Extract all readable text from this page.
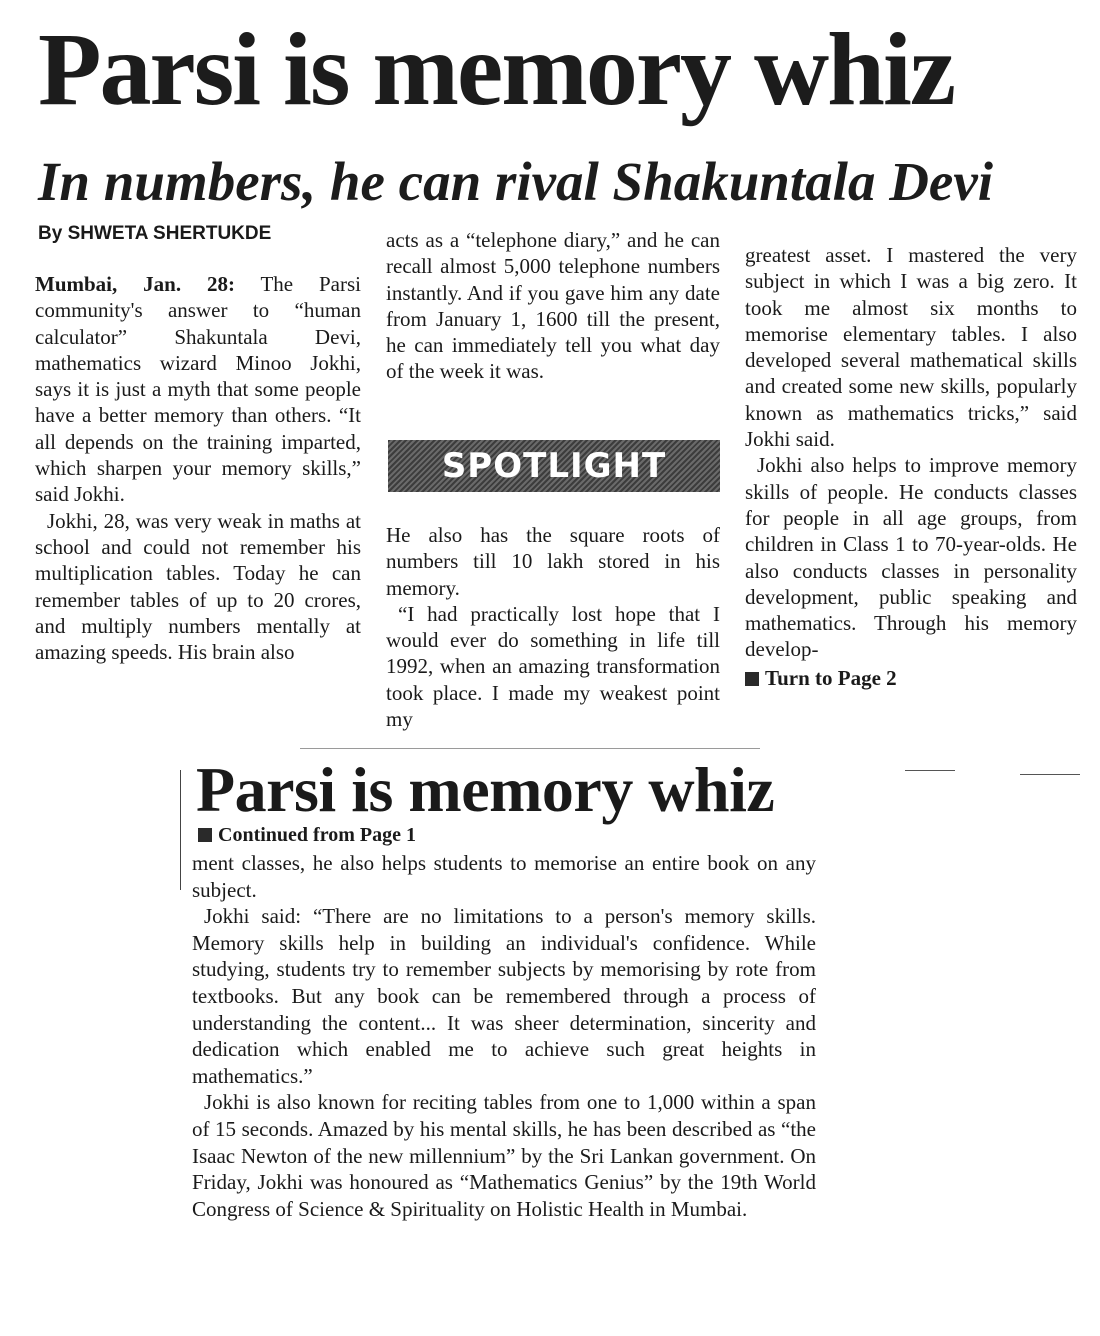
Parsi is memory whiz
In numbers, he can rival Shakuntala Devi
By SHWETA SHERTUKDE

Mumbai, Jan. 28: The Parsi community's answer to “human calculator” Shakuntala Devi, mathematics wizard Minoo Jokhi, says it is just a myth that some people have a better memory than others. “It all depends on the training imparted, which sharpen your memory skills,” said Jokhi.

Jokhi, 28, was very weak in maths at school and could not remember his multiplication tables. Today he can remember tables of up to 20 crores, and multiply numbers mentally at amazing speeds. His brain also

acts as a “telephone diary,” and he can recall almost 5,000 telephone numbers instantly. And if you gave him any date from January 1, 1600 till the present, he can immediately tell you what day of the week it was.

SPOTLIGHT

He also has the square roots of numbers till 10 lakh stored in his memory.

“I had practically lost hope that I would ever do something in life till 1992, when an amazing transformation took place. I made my weakest point my

greatest asset. I mastered the very subject in which I was a big zero. It took me almost six months to memorise elementary tables. I also developed several mathematical skills and created some new skills, popularly known as mathematics tricks,” said Jokhi said.

Jokhi also helps to improve memory skills of people. He conducts classes for people in all age groups, from children in Class 1 to 70-year-olds. He also conducts classes in personality development, public speaking and mathematics. Through his memory develop-

Turn to Page 2
Parsi is memory whiz
Continued from Page 1

ment classes, he also helps students to memorise an entire book on any subject.

Jokhi said: “There are no limitations to a person's memory skills. Memory skills help in building an individual's confidence. While studying, students try to remember subjects by memorising by rote from textbooks. But any book can be remembered through a process of understanding the content... It was sheer determination, sincerity and dedication which enabled me to achieve such great heights in mathematics.”

Jokhi is also known for reciting tables from one to 1,000 within a span of 15 seconds. Amazed by his mental skills, he has been described as “the Isaac Newton of the new millennium” by the Sri Lankan government. On Friday, Jokhi was honoured as “Mathematics Genius” by the 19th World Congress of Science & Spirituality on Holistic Health in Mumbai.
